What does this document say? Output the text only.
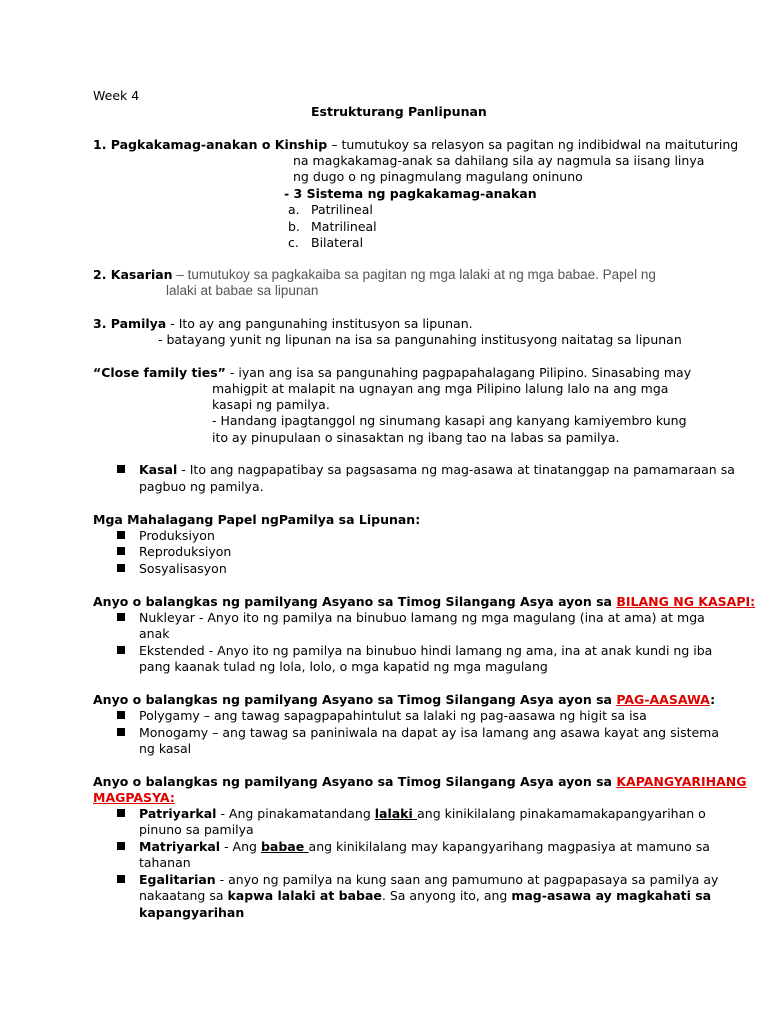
Week 4
Estrukturang Panlipunan
1. Pagkakamag-anakan o Kinship – tumutukoy sa relasyon sa pagitan ng indibidwal na maituturing
na magkakamag-anak sa dahilang sila ay nagmula sa iisang linya
ng dugo o ng pinagmulang magulang oninuno
- 3 Sistema ng pagkakamag-anakan
a. Patrilineal
b. Matrilineal
c. Bilateral
2. Kasarian – tumutukoy sa pagkakaiba sa pagitan ng mga lalaki at ng mga babae. Papel ng
lalaki at babae sa lipunan
3. Pamilya - Ito ay ang pangunahing institusyon sa lipunan.
- batayang yunit ng lipunan na isa sa pangunahing institusyong naitatag sa lipunan
“Close family ties” - iyan ang isa sa pangunahing pagpapahalagang Pilipino. Sinasabing may
mahigpit at malapit na ugnayan ang mga Pilipino lalung lalo na ang mga
kasapi ng pamilya.
- Handang ipagtanggol ng sinumang kasapi ang kanyang kamiyembro kung
ito ay pinupulaan o sinasaktan ng ibang tao na labas sa pamilya.
Kasal - Ito ang nagpapatibay sa pagsasama ng mag-asawa at tinatanggap na pamamaraan sa
pagbuo ng pamilya.
Mga Mahalagang Papel ngPamilya sa Lipunan:
Produksiyon
Reproduksiyon
Sosyalisasyon
Anyo o balangkas ng pamilyang Asyano sa Timog Silangang Asya ayon sa BILANG NG KASAPI:
Nukleyar - Anyo ito ng pamilya na binubuo lamang ng mga magulang (ina at ama) at mga
anak
Ekstended - Anyo ito ng pamilya na binubuo hindi lamang ng ama, ina at anak kundi ng iba
pang kaanak tulad ng lola, lolo, o mga kapatid ng mga magulang
Anyo o balangkas ng pamilyang Asyano sa Timog Silangang Asya ayon sa PAG-AASAWA:
Polygamy – ang tawag sapagpapahintulut sa lalaki ng pag-aasawa ng higit sa isa
Monogamy – ang tawag sa paniniwala na dapat ay isa lamang ang asawa kayat ang sistema
ng kasal
Anyo o balangkas ng pamilyang Asyano sa Timog Silangang Asya ayon sa KAPANGYARIHANG
MAGPASYA:
Patriyarkal - Ang pinakamatandang lalaki ang kinikilalang pinakamamakapangyarihan o
pinuno sa pamilya
Matriyarkal - Ang babae ang kinikilalang may kapangyarihang magpasiya at mamuno sa
tahanan
Egalitarian - anyo ng pamilya na kung saan ang pamumuno at pagpapasaya sa pamilya ay
nakaatang sa kapwa lalaki at babae. Sa anyong ito, ang mag-asawa ay magkahati sa
kapangyarihan
